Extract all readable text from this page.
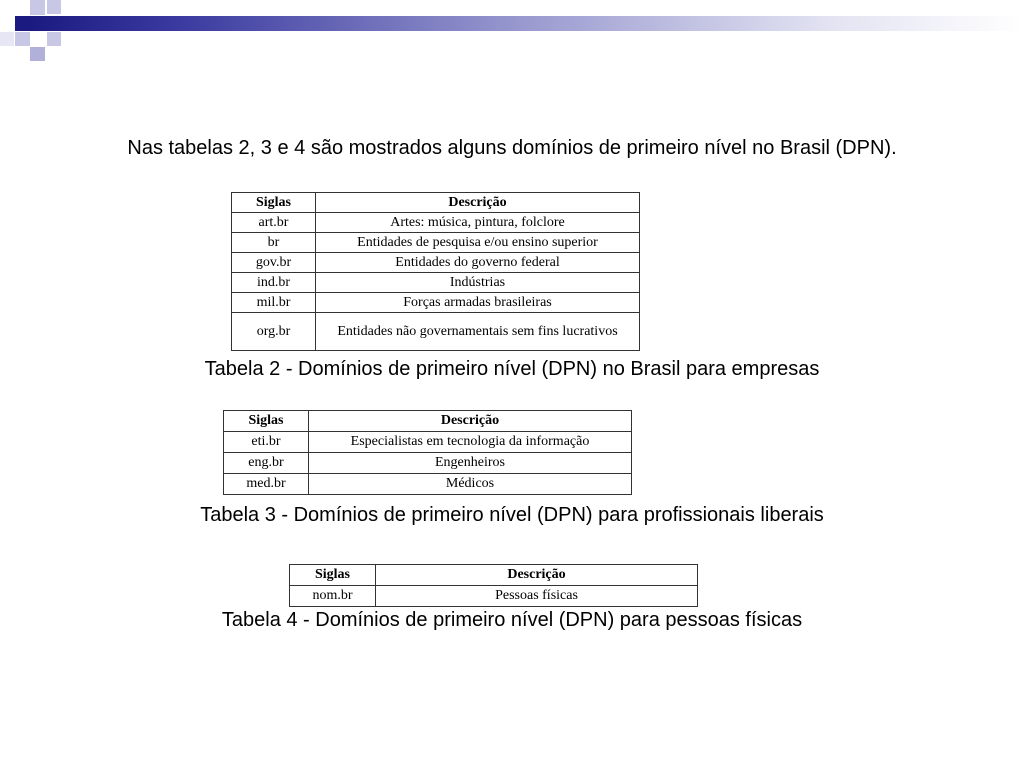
Nas tabelas 2, 3 e 4 são mostrados alguns domínios de primeiro nível no Brasil (DPN).
Siglas	Descrição
art.br	Artes: música, pintura, folclore
br	Entidades de pesquisa e/ou ensino superior
gov.br	Entidades do governo federal
ind.br	Indústrias
mil.br	Forças armadas brasileiras
org.br	Entidades não governamentais sem fins lucrativos
Tabela 2 - Domínios de primeiro nível (DPN) no Brasil para empresas
Siglas	Descrição
eti.br	Especialistas em tecnologia da informação
eng.br	Engenheiros
med.br	Médicos
Tabela 3 - Domínios de primeiro nível (DPN) para profissionais liberais
Siglas	Descrição
nom.br	Pessoas físicas
Tabela 4 - Domínios de primeiro nível (DPN) para pessoas físicas
